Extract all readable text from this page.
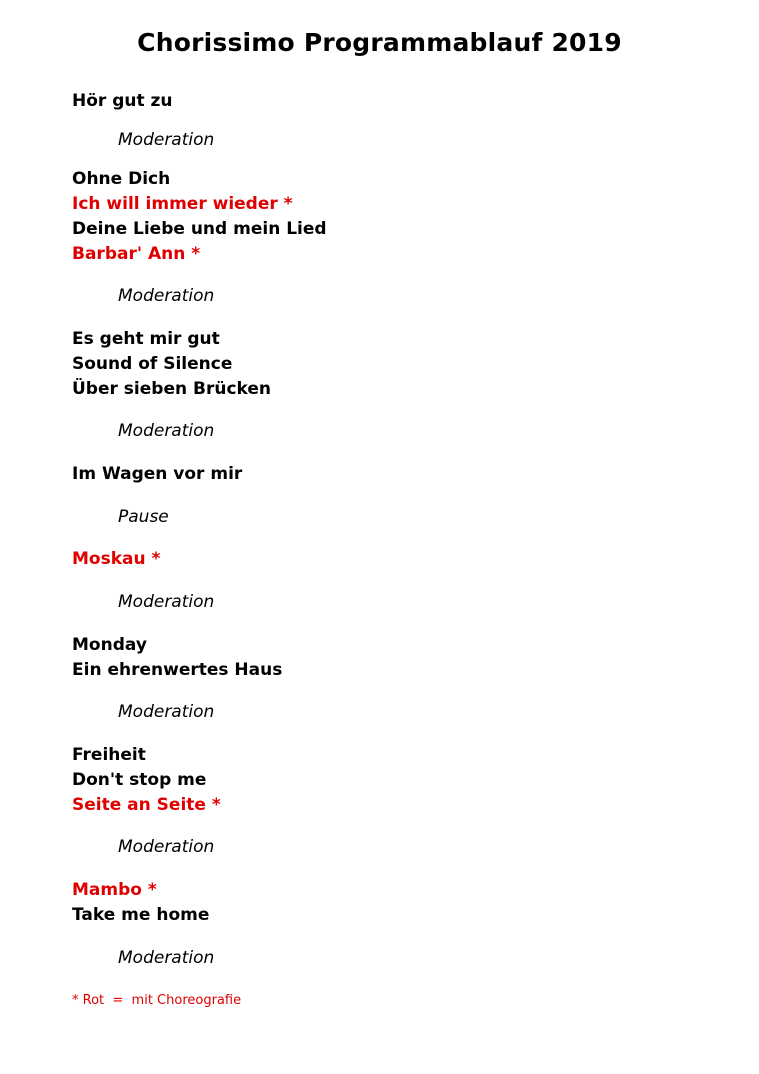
Chorissimo Programmablauf 2019
Hör gut zu
Moderation
Ohne Dich
Ich will immer wieder *
Deine Liebe und mein Lied
Barbar' Ann *
Moderation
Es geht mir gut
Sound of Silence
Über sieben Brücken
Moderation
Im Wagen vor mir
Pause
Moskau *
Moderation
Monday
Ein ehrenwertes Haus
Moderation
Freiheit
Don't stop me
Seite an Seite *
Moderation
Mambo *
Take me home
Moderation
* Rot  =  mit Choreografie
